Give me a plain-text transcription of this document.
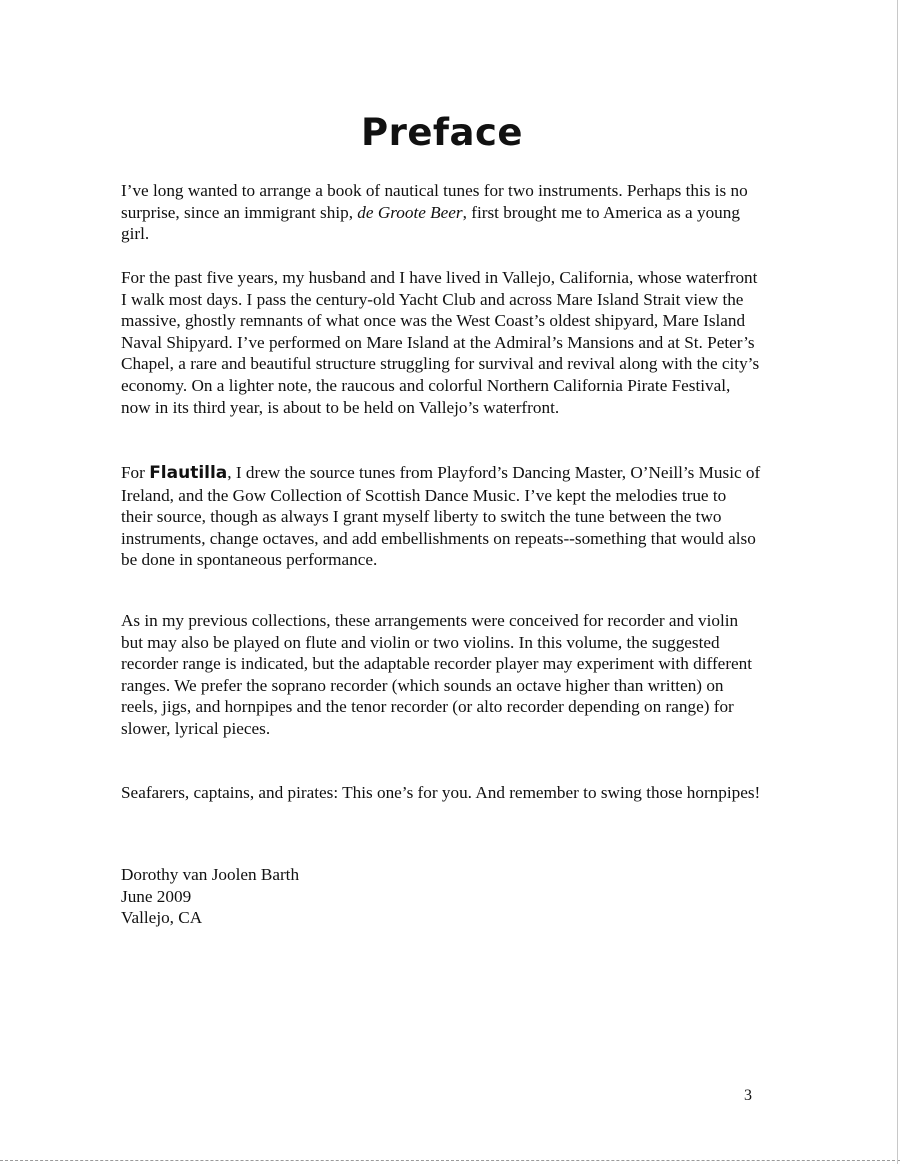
Preface

I’ve long wanted to arrange a book of nautical tunes for two instruments. Perhaps this is no surprise, since an immigrant ship, de Groote Beer, first brought me to America as a young girl.

For the past five years, my husband and I have lived in Vallejo, California, whose waterfront I walk most days. I pass the century-old Yacht Club and across Mare Island Strait view the massive, ghostly remnants of what once was the West Coast’s oldest shipyard, Mare Island Naval Shipyard. I’ve performed on Mare Island at the Admiral’s Mansions and at St. Peter’s Chapel, a rare and beautiful structure struggling for survival and revival along with the city’s economy. On a lighter note, the raucous and colorful Northern California Pirate Festival, now in its third year, is about to be held on Vallejo’s waterfront.

For Flautilla, I drew the source tunes from Playford’s Dancing Master, O’Neill’s Music of Ireland, and the Gow Collection of Scottish Dance Music. I’ve kept the melodies true to their source, though as always I grant myself liberty to switch the tune between the two instruments, change octaves, and add embellishments on repeats--something that would also be done in spontaneous performance.

As in my previous collections, these arrangements were conceived for recorder and violin but may also be played on flute and violin or two violins. In this volume, the suggested recorder range is indicated, but the adaptable recorder player may experiment with different ranges. We prefer the soprano recorder (which sounds an octave higher than written) on reels, jigs, and hornpipes and the tenor recorder (or alto recorder depending on range) for slower, lyrical pieces.

Seafarers, captains, and pirates: This one’s for you. And remember to swing those hornpipes!

Dorothy van Joolen Barth
June 2009
Vallejo, CA
3
